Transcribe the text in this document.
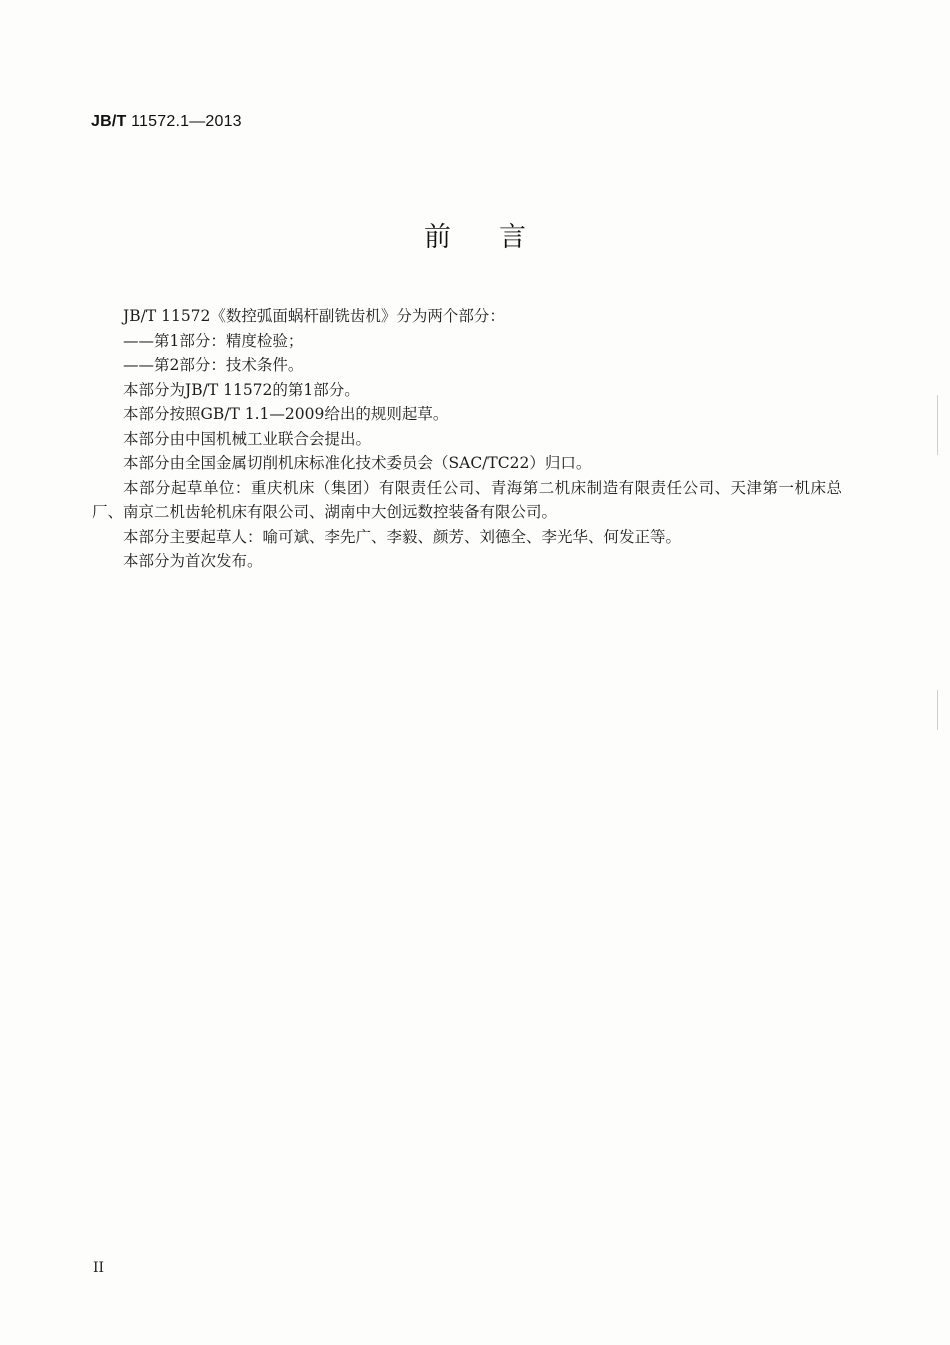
JB/T 11572.1—2013
前言

JB/T 11572《数控弧面蜗杆副铣齿机》分为两个部分：

——第1部分：精度检验；

——第2部分：技术条件。

本部分为JB/T 11572的第1部分。

本部分按照GB/T 1.1—2009给出的规则起草。

本部分由中国机械工业联合会提出。

本部分由全国金属切削机床标准化技术委员会（SAC/TC22）归口。

本部分起草单位：重庆机床（集团）有限责任公司、青海第二机床制造有限责任公司、天津第一机床总厂、南京二机齿轮机床有限公司、湖南中大创远数控装备有限公司。

本部分主要起草人：喻可斌、李先广、李毅、颜芳、刘德全、李光华、何发正等。

本部分为首次发布。

II
